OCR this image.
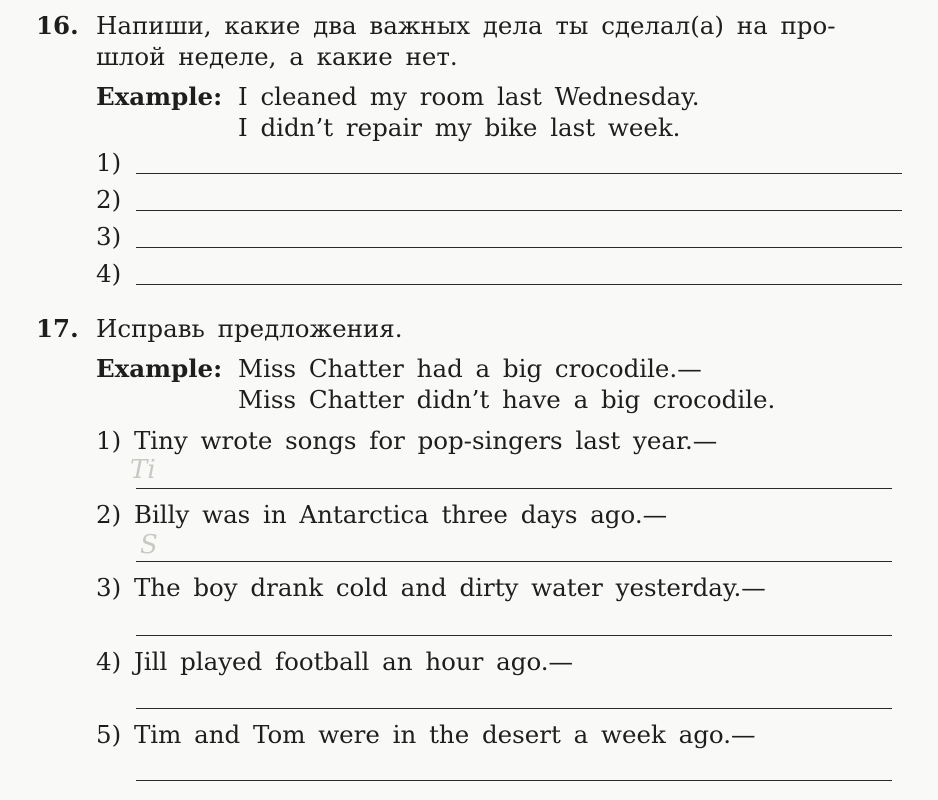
Ti
S
16. Напиши, какие два важных дела ты сделал(а) на про-
шлой неделе, а какие нет.
Example: I cleaned my room last Wednesday.
I didn’t repair my bike last week.
1)
2)
3)
4)
17. Исправь предложения.
Example: Miss Chatter had a big crocodile.—
Miss Chatter didn’t have a big crocodile.
1) Tiny wrote songs for pop-singers last year.—
2) Billy was in Antarctica three days ago.—
3) The boy drank cold and dirty water yesterday.—
4) Jill played football an hour ago.—
5) Tim and Tom were in the desert a week ago.—
